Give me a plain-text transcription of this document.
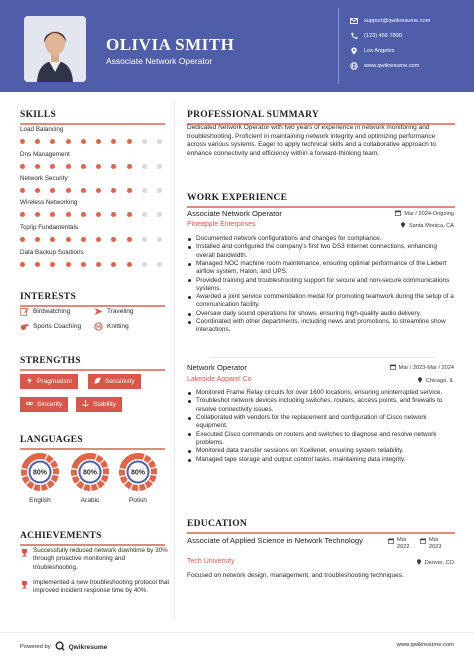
OLIVIA SMITH
Associate Network Operator
support@qwikresume.com
(123) 456 7890
Los Angeles
www.qwikresume.com
SKILLS
Load Balancing
Dns Management
Network Security
Wireless Networking
Tcp/ip Fundamentals
Data Backup Solutions
INTERESTS
Birdwatching	Traveling
Sports Coaching	Knitting
STRENGTHS
Pragmatism	Sensitivity
Sincerity	Stability
LANGUAGES
80%	80%	80%
English	Arabic	Polish
ACHIEVEMENTS
Successfully reduced network downtime by 30% through proactive monitoring and troubleshooting.
Implemented a new troubleshooting protocol that improved incident response time by 40%.
PROFESSIONAL SUMMARY
Dedicated Network Operator with two years of experience in network monitoring and troubleshooting. Proficient in maintaining network integrity and optimizing performance across various systems. Eager to apply technical skills and a collaborative approach to enhance connectivity and efficiency within a forward-thinking team.
WORK EXPERIENCE
Associate Network Operator	Mar / 2024-Ongoing
Pineapple Enterprises	Santa Monica, CA
Documented network configurations and changes for compliance.
Installed and configured the company's first two DS3 Internet connections, enhancing overall bandwidth.
Managed NOC machine room maintenance, ensuring optimal performance of the Liebert airflow system, Halon, and UPS.
Provided training and troubleshooting support for secure and non-secure communications systems.
Awarded a joint service commendation medal for promoting teamwork during the setup of a communication facility.
Oversaw daily sound operations for shows, ensuring high-quality audio delivery.
Coordinated with other departments, including news and promotions, to streamline show interactions.
Network Operator	Mar / 2023-Mar / 2024
Lakeside Apparel Co	Chicago, IL
Monitored Frame Relay circuits for over 1600 locations, ensuring uninterrupted service.
Troubleshot network devices including switches, routers, access points, and firewalls to resolve connectivity issues.
Collaborated with vendors for the replacement and configuration of Cisco network equipment.
Executed Cisco commands on routers and switches to diagnose and resolve network problems.
Monitored data transfer sessions on Xcellenet, ensuring system reliability.
Managed tape storage and output control tasks, maintaining data integrity.
EDUCATION
Associate of Applied Science in Network Technology
Tech University
Mar
2022
Mar
2023
Denver, CO
Focused on network design, management, and troubleshooting techniques.
Powered by	Qwikresume	www.qwikresume.com
